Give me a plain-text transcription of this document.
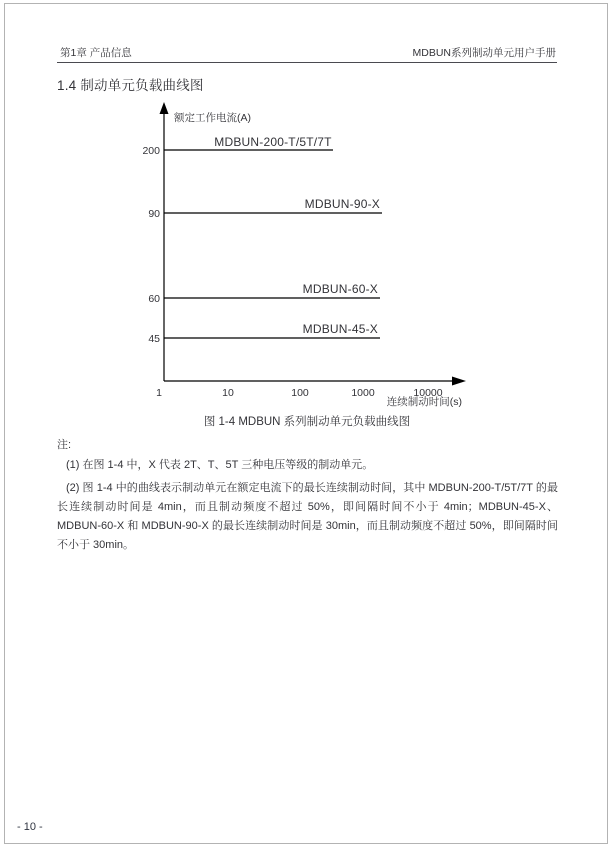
第1章 产品信息	MDBUN系列制动单元用户手册
1.4 制动单元负载曲线图
额定工作电流(A)
连续制动时间(s)
MDBUN-200-T/5T/7T
MDBUN-90-X
MDBUN-60-X
MDBUN-45-X
200
90
60
45
1	10	100	1000	10000
图 1-4 MDBUN 系列制动单元负载曲线图
注:
(1) 在图 1-4 中，X 代表 2T、T、5T 三种电压等级的制动单元。
(2) 图 1-4 中的曲线表示制动单元在额定电流下的最长连续制动时间，其中 MDBUN-200-T/5T/7T 的最长连续制动时间是 4min，而且制动频度不超过 50%，即间隔时间不小于 4min；MDBUN-45-X、MDBUN-60-X 和 MDBUN-90-X 的最长连续制动时间是 30min，而且制动频度不超过 50%，即间隔时间不小于 30min。
- 10 -
